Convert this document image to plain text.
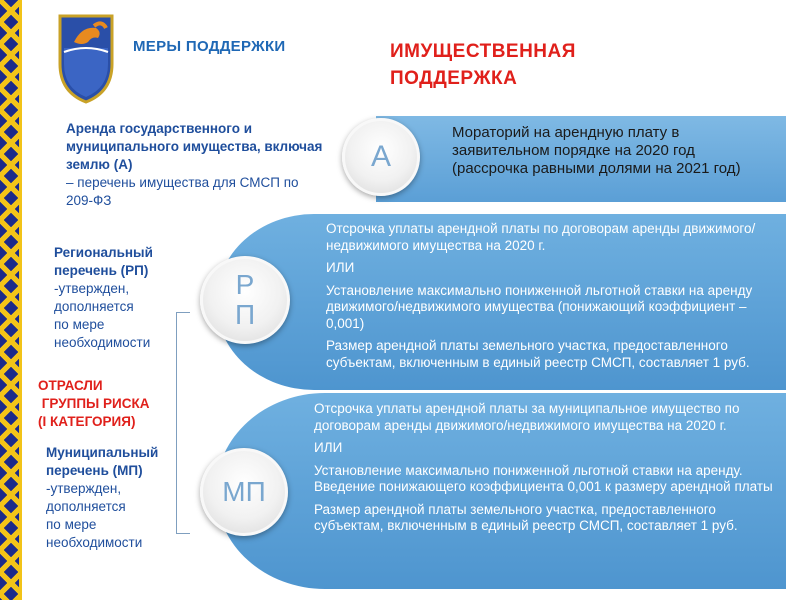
МЕРЫ ПОДДЕРЖКИ	ИМУЩЕСТВЕННАЯ ПОДДЕРЖКА
Аренда государственного и муниципального имущества, включая землю (А)
– перечень имущества для СМСП по 209-ФЗ
Региональный перечень (РП)
-утвержден, дополняется
по мере необходимости
ОТРАСЛИ
ГРУППЫ РИСКА
(I КАТЕГОРИЯ)
Муниципальный перечень (МП)
-утвержден, дополняется
по мере необходимости
Мораторий на арендную плату в заявительном порядке на 2020 год (рассрочка равными долями на 2021 год)
А

Отсрочка уплаты арендной платы по договорам аренды движимого/недвижимого имущества на 2020 г.

ИЛИ

Установление максимально пониженной льготной ставки на аренду движимого/недвижимого имущества (понижающий коэффициент – 0,001)

Размер арендной платы земельного участка, предоставленного субъектам, включенным в единый реестр СМСП, составляет 1 руб.

Р
П

Отсрочка уплаты арендной платы за муниципальное имущество по договорам аренды движимого/недвижимого имущества на 2020 г.

ИЛИ

Установление максимально пониженной льготной ставки на аренду. Введение понижающего коэффициента 0,001 к размеру арендной платы

Размер арендной платы земельного участка, предоставленного субъектам, включенным в единый реестр СМСП, составляет 1 руб.

МП
